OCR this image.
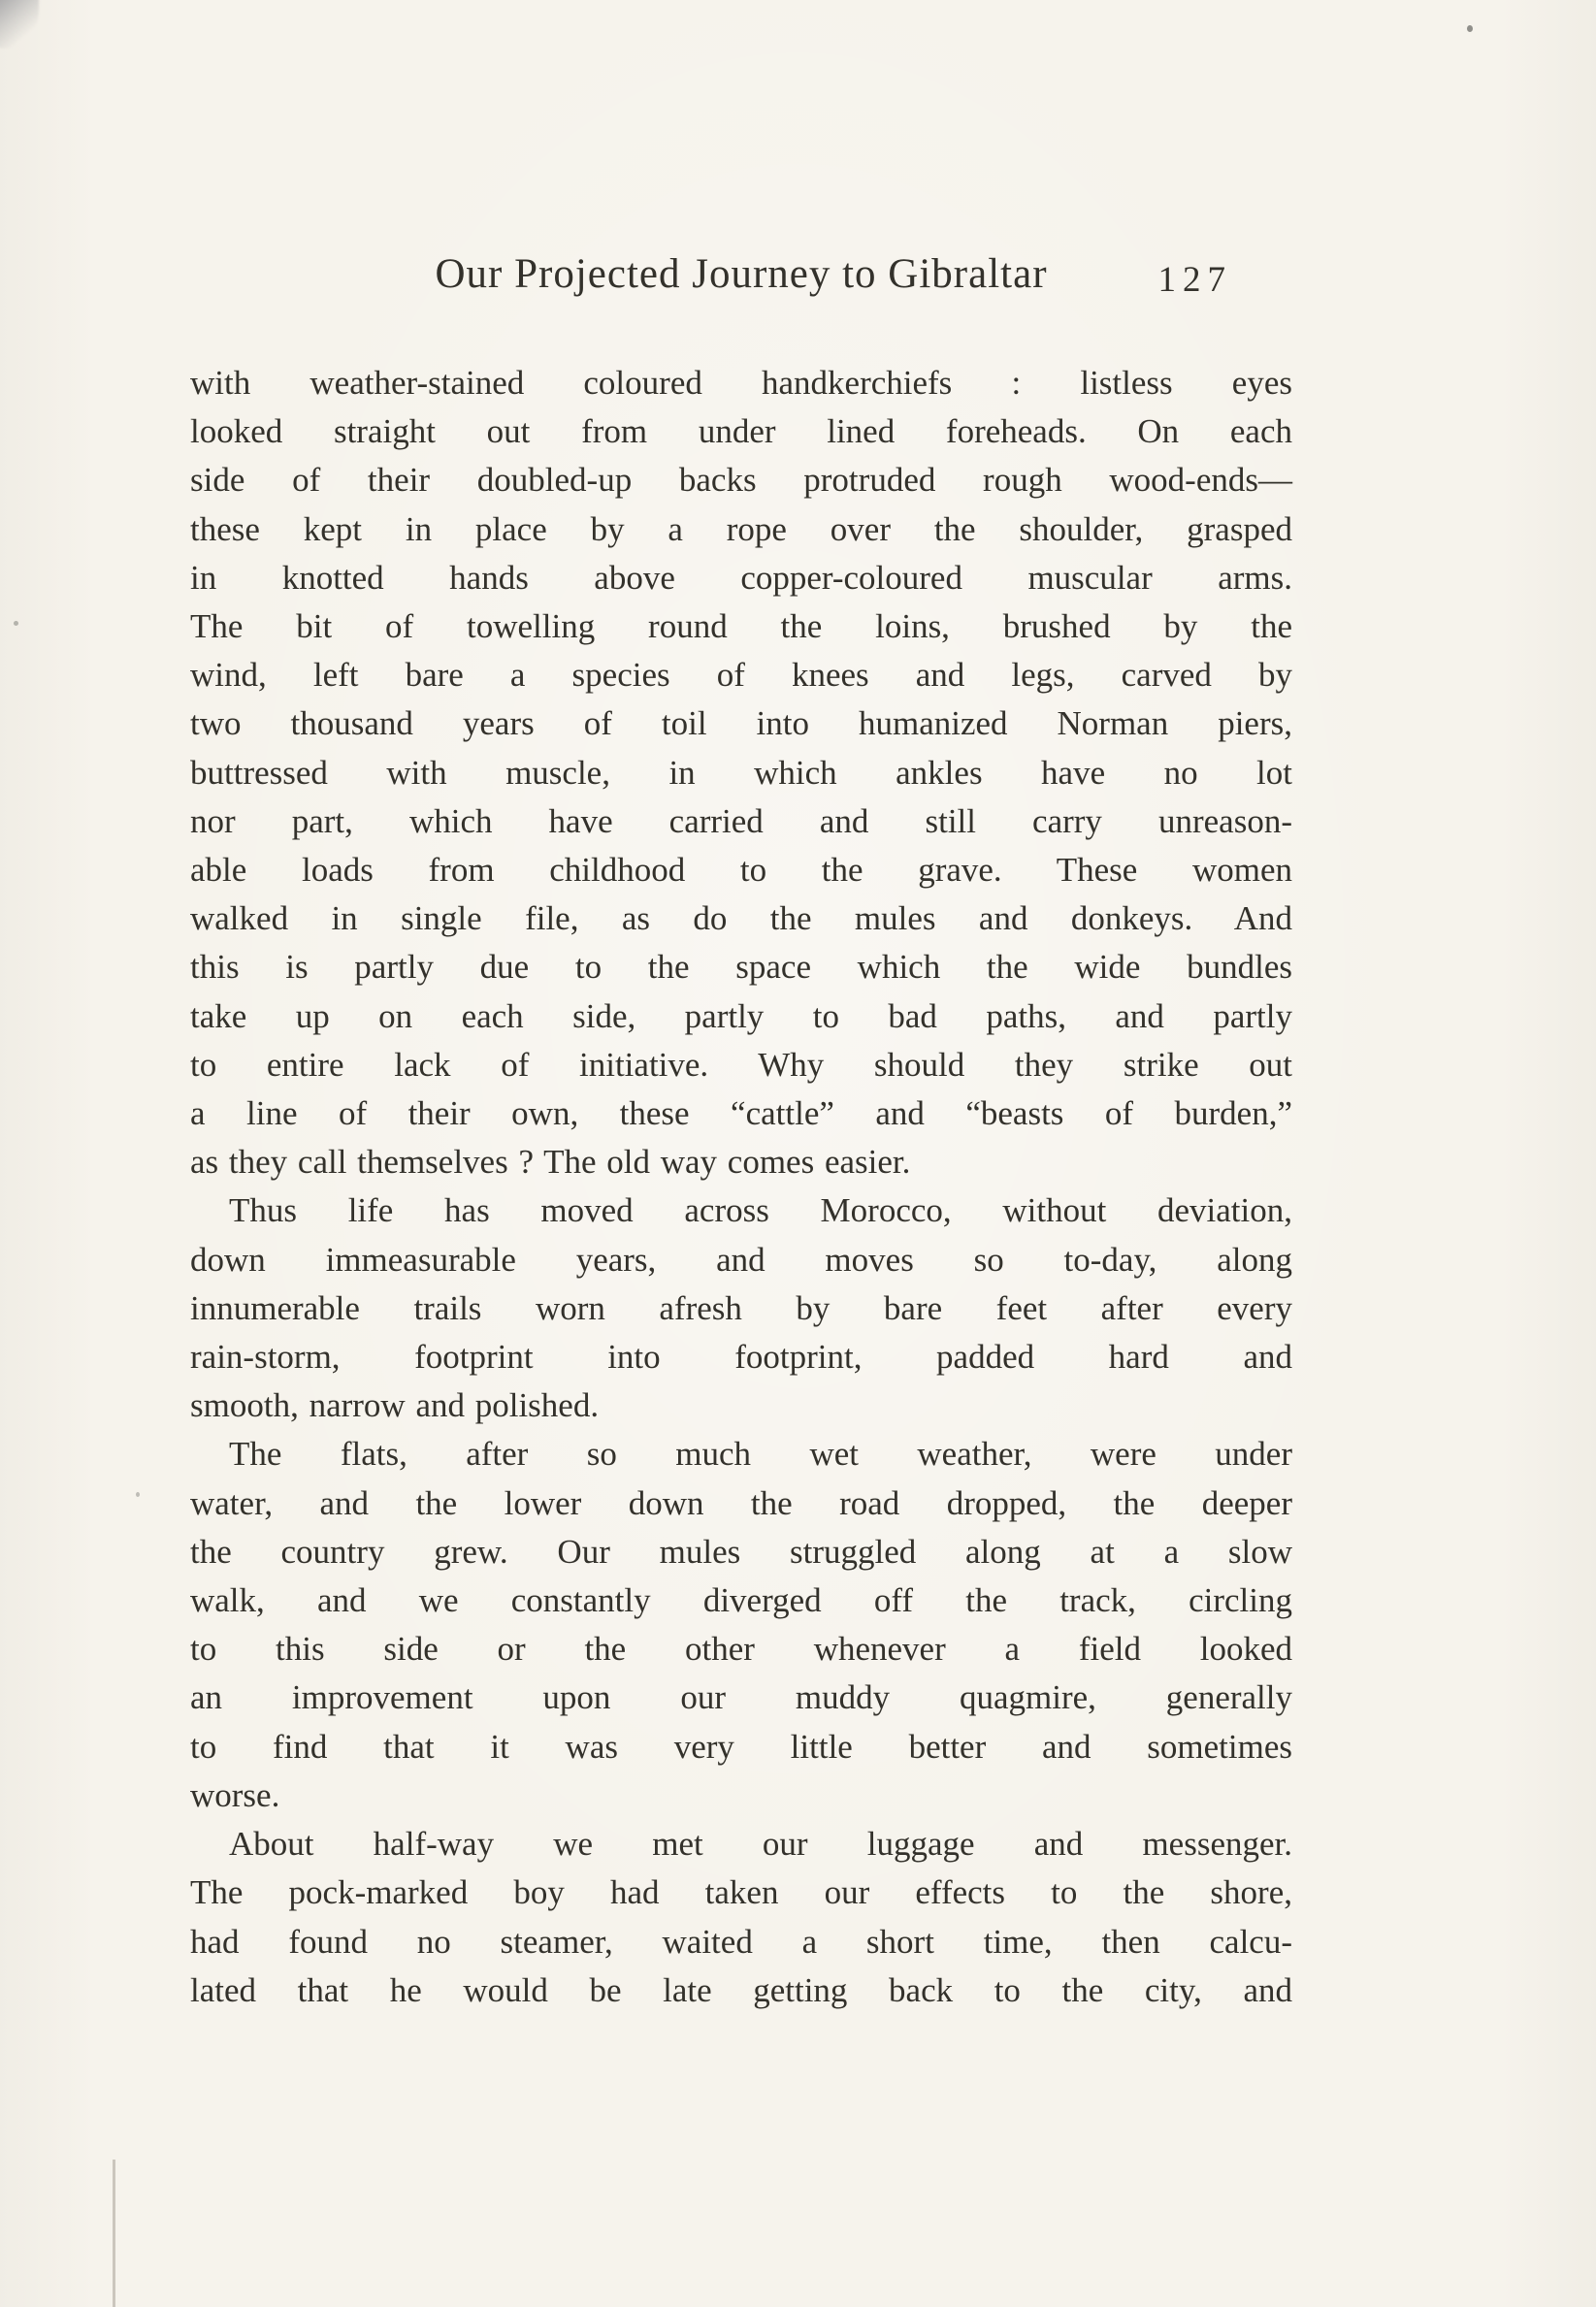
Our Projected Journey to Gibraltar	127
with weather-stained coloured handkerchiefs : listless eyes
looked straight out from under lined foreheads. On each
side of their doubled-up backs protruded rough wood-ends—
these kept in place by a rope over the shoulder, grasped
in knotted hands above copper-coloured muscular arms.
The bit of towelling round the loins, brushed by the
wind, left bare a species of knees and legs, carved by
two thousand years of toil into humanized Norman piers,
buttressed with muscle, in which ankles have no lot
nor part, which have carried and still carry unreason-
able loads from childhood to the grave. These women
walked in single file, as do the mules and donkeys. And
this is partly due to the space which the wide bundles
take up on each side, partly to bad paths, and partly
to entire lack of initiative. Why should they strike out
a line of their own, these “cattle” and “beasts of burden,”
as they call themselves ? The old way comes easier.
Thus life has moved across Morocco, without deviation,
down immeasurable years, and moves so to-day, along
innumerable trails worn afresh by bare feet after every
rain-storm, footprint into footprint, padded hard and
smooth, narrow and polished.
The flats, after so much wet weather, were under
water, and the lower down the road dropped, the deeper
the country grew. Our mules struggled along at a slow
walk, and we constantly diverged off the track, circling
to this side or the other whenever a field looked
an improvement upon our muddy quagmire, generally
to find that it was very little better and sometimes
worse.
About half-way we met our luggage and messenger.
The pock-marked boy had taken our effects to the shore,
had found no steamer, waited a short time, then calcu-
lated that he would be late getting back to the city, and
